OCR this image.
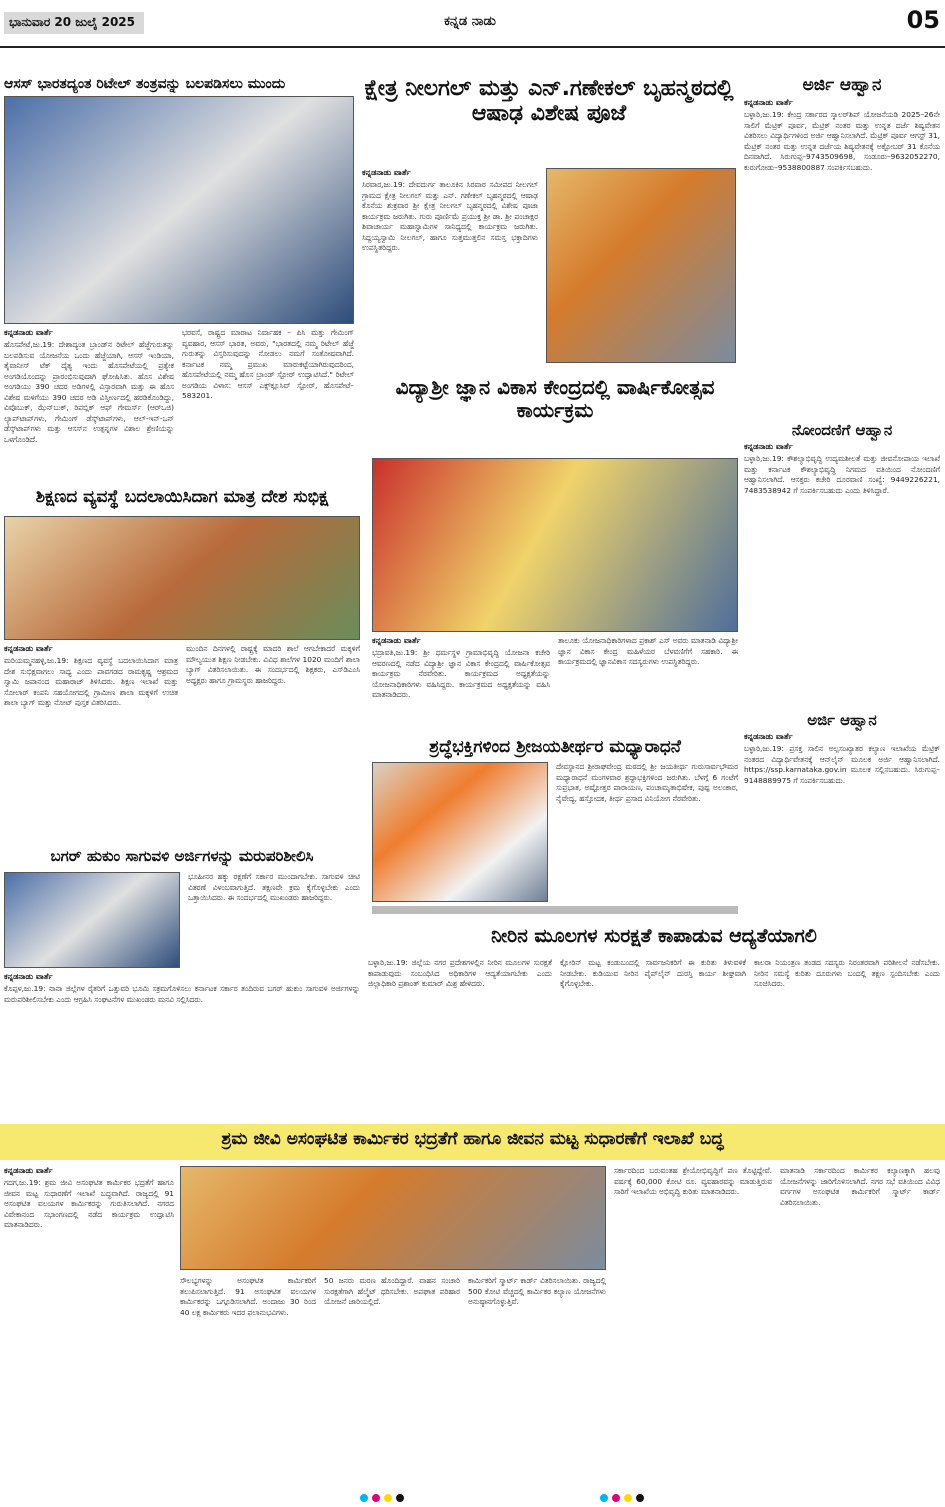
ಭಾನುವಾರ 20 ಜುಲೈ 2025	ಕನ್ನಡ ನಾಡು	05
ಆಸಸ್ ಭಾರತದ್ಯಂತ ರಿಟೇಲ್ ತಂತ್ರವನ್ನು ಬಲಪಡಿಸಲು ಮುಂದು
ಕನ್ನಡನಾಡು ವಾರ್ತೆ
ಹೊಸಪೇಟೆ,ಜು.19: ದೇಶಾದ್ಯಂತ ಬ್ರಾಂಡ್‌ನ ರಿಟೇಲ್ ಹೆಜ್ಜೆಗುರುತನ್ನು ಬಲಪಡಿಸುವ ಯೋಜನೆಯ ಒಂದು ಹೆಜ್ಜೆಯಾಗಿ, ಆಸಸ್ ಇಂಡಿಯಾ, ತೈವಾನೀಸ್ ಟೆಕ್ ದೈತ್ಯ ಇಂದು ಹೊಸಪೇಟೆಯಲ್ಲಿ ಪ್ರತ್ಯೇಕ ಅಂಗಡಿಯೊಂದನ್ನು ಪ್ರಾರಂಭಿಸುವುದಾಗಿ ಘೋಷಿಸಿತು. ಹೊಸ ವಿಶೇಷ ಅಂಗಡಿಯು 390 ಚದರ ಅಡಿಗಳಲ್ಲಿ ವಿಸ್ತಾರವಾಗಿ ಮತ್ತು ಈ ಹೊಸ ವಿಶೇಷ ಮಳಿಗೆಯು 390 ಚದರ ಅಡಿ ವಿಸ್ತೀರ್ಣದಲ್ಲಿ ಹರಡಿಕೊಂಡಿದ್ದು, ವಿವೊಬುಕ್, ಝೆನ್‌ಬುಕ್, ರಿಪಬ್ಲಿಕ್ ಆಫ್ ಗೇಮರ್ಸ್ (ಆರ್‌ಒಜಿ) ಲ್ಯಾಪ್‌ಟಾಪ್‌ಗಳು, ಗೇಮಿಂಗ್ ಡೆಸ್ಕ್‌ಟಾಪ್‌ಗಳು, ಆಲ್-ಇನ್-ಒನ್ ಡೆಸ್ಕ್‌ಟಾಪ್‌ಗಳು ಮತ್ತು ಆಸಸ್‌ನ ಉತ್ಪನ್ನಗಳ ವಿಶಾಲ ಶ್ರೇಣಿಯನ್ನು ಒಳಗೊಂಡಿದೆ.
ಭರವಸೆ, ರಾಷ್ಟ್ರದ ಮಾರಾಟ ನಿರ್ವಾಹಕ – ಪಿಸಿ ಮತ್ತು ಗೇಮಿಂಗ್ ವ್ಯವಹಾರ, ಆಸಸ್ ಭಾರತ, ಅವರು, "ಭಾರತದಲ್ಲಿ ನಮ್ಮ ರಿಟೇಲ್ ಹೆಜ್ಜೆ ಗುರುತನ್ನು ವಿಸ್ತರಿಸುವುದನ್ನು ನೋಡಲು ನಮಗೆ ಸಂತೋಷವಾಗಿದೆ. ಕರ್ನಾಟಕ ನಮ್ಮ ಪ್ರಮುಖ ಮಾರುಕಟ್ಟೆಯಾಗಿರುವುದರಿಂದ, ಹೊಸಪೇಟೆಯಲ್ಲಿ ನಮ್ಮ ಹೊಸ ಬ್ರಾಂಡ್ ಸ್ಟೋರ್ ಉದ್ಘಾಟಿಸಿದೆ." ರಿಟೇಲ್ ಅಂಗಡಿಯ ವಿಳಾಸ: ಆಸಸ್ ಎಕ್ಸ್‌ಕ್ಲೂಸಿವ್ ಸ್ಟೋರ್, ಹೊಸಪೇಟೆ–583201.
ಕ್ಷೇತ್ರ ನೀಲಗಲ್ ಮತ್ತು ಎನ್.ಗಣೇಕಲ್ ಬೃಹನ್ಮಠದಲ್ಲಿ ಆಷಾಢ ವಿಶೇಷ ಪೂಜೆ
ಕನ್ನಡನಾಡು ವಾರ್ತೆ
ಸಿರವಾರ,ಜು.19: ದೇವದುರ್ಗ ತಾಲೂಕಿನ ಸಿರವಾರ ಸಮೀಪದ ನೀಲಗಲ್ ಗ್ರಾಮದ ಕ್ಷೇತ್ರ ನೀಲಗಲ್ ಮತ್ತು ಎನ್. ಗಣೇಕಲ್ ಬೃಹನ್ಮಠದಲ್ಲಿ ಆಷಾಢ ಕೊನೆಯ ಶುಕ್ರವಾರ ಶ್ರೀ ಕ್ಷೇತ್ರ ನೀಲಗಲ್ ಬೃಹನ್ಮಠದಲ್ಲಿ ವಿಶೇಷ ಪೂಜಾ ಕಾರ್ಯಕ್ರಮ ಜರುಗಿತು. ಗುರು ಪೂರ್ಣಿಮೆ ಪ್ರಯುಕ್ತ ಶ್ರೀ ಡಾ. ಶ್ರೀ ಪಂಚಾಕ್ಷರ ಶಿವಾಚಾರ್ಯ ಮಹಾಸ್ವಾಮಿಗಳ ಸಾನಿಧ್ಯದಲ್ಲಿ ಕಾರ್ಯಕ್ರಮ ಜರುಗಿತು. ಸಿದ್ದಯ್ಯಸ್ವಾಮಿ ನೀಲಗಲ್, ಹಾಗೂ ಸುತ್ತಮುತ್ತಲಿನ ಸಮಸ್ತ ಭಕ್ತಾದಿಗಳು ಉಪಸ್ಥಿತರಿದ್ದರು.
ಅರ್ಜಿ ಆಹ್ವಾನ
ಕನ್ನಡನಾಡು ವಾರ್ತೆ
ಬಳ್ಳಾರಿ,ಜು.19: ಕೇಂದ್ರ ಸರ್ಕಾರದ ಸ್ಕಾಲರ್‌ಶಿಪ್ ಯೋಜನೆಯಡಿ 2025–26ನೇ ಸಾಲಿಗೆ ಮೆಟ್ರಿಕ್ ಪೂರ್ವ, ಮೆಟ್ರಿಕ್ ನಂತರ ಮತ್ತು ಉನ್ನತ ದರ್ಜೆ ಶಿಷ್ಯವೇತನ ವಿತರಿಸಲು ವಿದ್ಯಾರ್ಥಿಗಳಿಂದ ಅರ್ಜಿ ಆಹ್ವಾನಿಸಲಾಗಿದೆ. ಮೆಟ್ರಿಕ್ ಪೂರ್ವ ಆಗಸ್ಟ್ 31, ಮೆಟ್ರಿಕ್ ನಂತರ ಮತ್ತು ಉನ್ನತ ದರ್ಜೆಯ ಶಿಷ್ಯವೇತನಕ್ಕೆ ಅಕ್ಟೋಬರ್ 31 ಕೊನೆಯ ದಿನವಾಗಿದೆ. ಸಿರುಗುಪ್ಪ–9743509698, ಸಂಡೂರು–9632052270, ಕುರುಗೋಡು–9538800887 ಸಂಪರ್ಕಿಸಬಹುದು.
ನೋಂದಣಿಗೆ ಆಹ್ವಾನ
ಕನ್ನಡನಾಡು ವಾರ್ತೆ
ಬಳ್ಳಾರಿ,ಜು.19: ಕೌಶಲ್ಯಾಭಿವೃದ್ಧಿ ಉದ್ಯಮಶೀಲತೆ ಮತ್ತು ಜೀವನೋಪಾಯ ಇಲಾಖೆ ಮತ್ತು ಕರ್ನಾಟಕ ಕೌಶಲ್ಯಾಭಿವೃದ್ಧಿ ನಿಗಮದ ವತಿಯಿಂದ ನೋಂದಣಿಗೆ ಆಹ್ವಾನಿಸಲಾಗಿದೆ. ಆಸಕ್ತರು ಕಚೇರಿ ದೂರವಾಣಿ ಸಂಖ್ಯೆ: 9449226221, 7483538942 ಗೆ ಸಂಪರ್ಕಿಸಬಹುದು ಎಂದು ತಿಳಿಸಿದ್ದಾರೆ.
ಅರ್ಜಿ ಆಹ್ವಾನ
ಕನ್ನಡನಾಡು ವಾರ್ತೆ
ಬಳ್ಳಾರಿ,ಜು.19: ಪ್ರಸಕ್ತ ಸಾಲಿನ ಅಲ್ಪಸಂಖ್ಯಾತರ ಕಲ್ಯಾಣ ಇಲಾಖೆಯ ಮೆಟ್ರಿಕ್ ನಂತರದ ವಿದ್ಯಾರ್ಥಿವೇತನಕ್ಕೆ ಆನ್‌ಲೈನ್ ಮೂಲಕ ಅರ್ಜಿ ಆಹ್ವಾನಿಸಲಾಗಿದೆ. https://ssp.karnataka.gov.in ಮೂಲಕ ಸಲ್ಲಿಸಬಹುದು. ಸಿರುಗುಪ್ಪ–9148889975 ಗೆ ಸಂಪರ್ಕಿಸಬಹುದು.
ವಿದ್ಯಾಶ್ರೀ ಜ್ಞಾನ ವಿಕಾಸ ಕೇಂದ್ರದಲ್ಲಿ ವಾರ್ಷಿಕೋತ್ಸವ ಕಾರ್ಯಕ್ರಮ
ಕನ್ನಡನಾಡು ವಾರ್ತೆ
ಭದ್ರಾವತಿ,ಜು.19: ಶ್ರೀ ಧರ್ಮಸ್ಥಳ ಗ್ರಾಮಾಭಿವೃದ್ಧಿ ಯೋಜನಾ ಕಚೇರಿ ಆವರಣದಲ್ಲಿ ನಡೆದ ವಿದ್ಯಾಶ್ರೀ ಜ್ಞಾನ ವಿಕಾಸ ಕೇಂದ್ರದಲ್ಲಿ ವಾರ್ಷಿಕೋತ್ಸವ ಕಾರ್ಯಕ್ರಮ ನೆರವೇರಿತು. ಕಾರ್ಯಕ್ರಮದ ಅಧ್ಯಕ್ಷತೆಯನ್ನು ಯೋಜನಾಧಿಕಾರಿಗಳು ವಹಿಸಿದ್ದರು. ಕಾರ್ಯಕ್ರಮದ ಅಧ್ಯಕ್ಷತೆಯನ್ನು ವಹಿಸಿ ಮಾತನಾಡಿದರು.
ತಾಲೂಕು ಯೋಜನಾಧಿಕಾರಿಗಳಾದ ಪ್ರಕಾಶ್ ಎಸ್ ಅವರು ಮಾತನಾಡಿ ವಿದ್ಯಾಶ್ರೀ ಜ್ಞಾನ ವಿಕಾಸ ಕೇಂದ್ರ ಮಹಿಳೆಯರ ಬೆಳವಣಿಗೆಗೆ ಸಹಕಾರಿ. ಈ ಕಾರ್ಯಕ್ರಮದಲ್ಲಿ ಜ್ಞಾನವಿಕಾಸ ಸದಸ್ಯರುಗಳು ಉಪಸ್ಥಿತರಿದ್ದರು.
ಶಿಕ್ಷಣದ ವ್ಯವಸ್ಥೆ ಬದಲಾಯಿಸಿದಾಗ ಮಾತ್ರ ದೇಶ ಸುಭಿಕ್ಷ
ಕನ್ನಡನಾಡು ವಾರ್ತೆ
ಮರಿಯಮ್ಮನಹಳ್ಳಿ,ಜು.19: ಶಿಕ್ಷಣದ ವ್ಯವಸ್ಥೆ ಬದಲಾಯಿಸಿದಾಗ ಮಾತ್ರ ದೇಶ ಸುಭಿಕ್ಷವಾಗಲು ಸಾಧ್ಯ ಎಂದು ಪಾವಗಡದ ರಾಮಕೃಷ್ಣ ಆಶ್ರಮದ ಸ್ವಾಮಿ ಜಪಾನಂದ ಮಹಾರಾಜ್ ತಿಳಿಸಿದರು. ಶಿಕ್ಷಣ ಇಲಾಖೆ ಮತ್ತು ಸೋಲಾರ್ ಕಂಪನಿ ಸಹಯೋಗದಲ್ಲಿ ಗ್ರಾಮೀಣ ಶಾಲಾ ಮಕ್ಕಳಿಗೆ ಉಚಿತ ಶಾಲಾ ಬ್ಯಾಗ್ ಮತ್ತು ನೋಟ್ ಪುಸ್ತಕ ವಿತರಿಸಿದರು.
ಮುಂದಿನ ದಿನಗಳಲ್ಲಿ ರಾಷ್ಟ್ರಕ್ಕೆ ಮಾದರಿ ಶಾಲೆ ಆಗಬೇಕಾದರೆ ಮಕ್ಕಳಿಗೆ ಮೌಲ್ಯಯುತ ಶಿಕ್ಷಣ ನೀಡಬೇಕು. ವಿವಿಧ ಶಾಲೆಗಳ 1020 ಮಂದಿಗೆ ಶಾಲಾ ಬ್ಯಾಗ್ ವಿತರಿಸಲಾಯಿತು. ಈ ಸಂದರ್ಭದಲ್ಲಿ ಶಿಕ್ಷಕರು, ಎಸ್‌ಡಿಎಂಸಿ ಅಧ್ಯಕ್ಷರು ಹಾಗೂ ಗ್ರಾಮಸ್ಥರು ಹಾಜರಿದ್ದರು.
ಶ್ರದ್ಧೆಭಕ್ತಿಗಳಿಂದ ಶ್ರೀಜಯತೀರ್ಥರ ಮಧ್ಯಾರಾಧನೆ
ದೇವಸ್ಥಾನದ ಶ್ರೀರಾಘವೇಂದ್ರ ಮಠದಲ್ಲಿ ಶ್ರೀ ಜಯತೀರ್ಥ ಗುರುಸಾರ್ವಭೌಮರ ಮಧ್ಯಾರಾಧನೆ ಮಂಗಳವಾರ ಶ್ರದ್ಧಾಭಕ್ತಿಗಳಿಂದ ಜರುಗಿತು. ಬೆಳಗ್ಗೆ 6 ಗಂಟೆಗೆ ಸುಪ್ರಭಾತ, ಅಷ್ಟೋತ್ತರ ಪಾರಾಯಣ, ಪಂಚಾಮೃತಾಭಿಷೇಕ, ಪುಷ್ಪ ಅಲಂಕಾರ, ನೈವೇದ್ಯ, ಹಸ್ತೋದಕ, ತೀರ್ಥ ಪ್ರಸಾದ ವಿನಿಯೋಗ ನೆರವೇರಿತು.
ಬಗರ್ ಹುಕುಂ ಸಾಗುವಳಿ ಅರ್ಜಿಗಳನ್ನು ಮರುಪರಿಶೀಲಿಸಿ
ಭೂಹೀನರ ಹಕ್ಕು ರಕ್ಷಣೆಗೆ ಸರ್ಕಾರ ಮುಂದಾಗಬೇಕು. ಸಾಗುವಳಿ ಚೀಟಿ ವಿತರಣೆ ವಿಳಂಬವಾಗುತ್ತಿದೆ. ತಕ್ಷಣವೇ ಕ್ರಮ ಕೈಗೊಳ್ಳಬೇಕು ಎಂದು ಒತ್ತಾಯಿಸಿದರು. ಈ ಸಂದರ್ಭದಲ್ಲಿ ಮುಖಂಡರು ಹಾಜರಿದ್ದರು.
ಕನ್ನಡನಾಡು ವಾರ್ತೆ
ಕೊಪ್ಪಳ,ಜು.19: ನಾನಾ ಜಿಲ್ಲೆಗಳ ರೈತರಿಗೆ ಒತ್ತುವರಿ ಭೂಮಿ ಸಕ್ರಮಗೊಳಿಸಲು ಕರ್ನಾಟಕ ಸರ್ಕಾರ ತಂದಿರುವ ಬಗರ್ ಹುಕುಂ ಸಾಗುವಳಿ ಅರ್ಜಿಗಳನ್ನು ಮರುಪರಿಶೀಲಿಸಬೇಕು ಎಂದು ಆಗ್ರಹಿಸಿ ಸಂಘಟನೆಗಳ ಮುಖಂಡರು ಮನವಿ ಸಲ್ಲಿಸಿದರು.
ನೀರಿನ ಮೂಲಗಳ ಸುರಕ್ಷತೆ ಕಾಪಾಡುವ ಆದ್ಯತೆಯಾಗಲಿ
ಬಳ್ಳಾರಿ,ಜು.19: ಜಿಲ್ಲೆಯ ನಗರ ಪ್ರದೇಶಗಳಲ್ಲಿನ ನೀರಿನ ಮೂಲಗಳ ಸುರಕ್ಷತೆ ಕಾಪಾಡುವುದು ಸಂಬಂಧಿಸಿದ ಅಧಿಕಾರಿಗಳ ಆದ್ಯತೆಯಾಗಬೇಕು ಎಂದು ಜಿಲ್ಲಾಧಿಕಾರಿ ಪ್ರಶಾಂತ್ ಕುಮಾರ್ ಮಿಶ್ರ ಹೇಳಿದರು.
ಕ್ಲೋರಿನ್ ಮಟ್ಟ ಕಂಡುಬಂದಲ್ಲಿ ಸಾರ್ವಜನಿಕರಿಗೆ ಈ ಕುರಿತು ತಿಳುವಳಿಕೆ ನೀಡಬೇಕು. ಕುಡಿಯುವ ನೀರಿನ ಪೈಪ್‌ಲೈನ್ ದುರಸ್ತಿ ಕಾರ್ಯ ಶೀಘ್ರವಾಗಿ ಕೈಗೊಳ್ಳಬೇಕು.
ಕಾಲರಾ ನಿಯಂತ್ರಣ ತಂಡದ ಸದಸ್ಯರು ನಿರಂತರವಾಗಿ ಪರಿಶೀಲನೆ ನಡೆಸಬೇಕು. ನೀರಿನ ಸಮಸ್ಯೆ ಕುರಿತು ದೂರುಗಳು ಬಂದಲ್ಲಿ ತಕ್ಷಣ ಸ್ಪಂದಿಸಬೇಕು ಎಂದು ಸೂಚಿಸಿದರು.
ಶ್ರಮ ಜೀವಿ ಅಸಂಘಟಿತ ಕಾರ್ಮಿಕರ ಭದ್ರತೆಗೆ ಹಾಗೂ ಜೀವನ ಮಟ್ಟ ಸುಧಾರಣೆಗೆ ಇಲಾಖೆ ಬದ್ಧ
ಕನ್ನಡನಾಡು ವಾರ್ತೆ
ಗದಗ,ಜು.19: ಶ್ರಮ ಜೀವಿ ಅಸಂಘಟಿತ ಕಾರ್ಮಿಕರ ಭದ್ರತೆಗೆ ಹಾಗೂ ಜೀವನ ಮಟ್ಟ ಸುಧಾರಣೆಗೆ ಇಲಾಖೆ ಬದ್ಧವಾಗಿದೆ. ರಾಜ್ಯದಲ್ಲಿ 91 ಅಸಂಘಟಿತ ವಲಯಗಳ ಕಾರ್ಮಿಕರನ್ನು ಗುರುತಿಸಲಾಗಿದೆ. ನಗರದ ವಿವೇಕಾನಂದ ಸಭಾಂಗಣದಲ್ಲಿ ನಡೆದ ಕಾರ್ಯಕ್ರಮ ಉದ್ಘಾಟಿಸಿ ಮಾತನಾಡಿದರು.
ಸೌಲಭ್ಯಗಳನ್ನು ಅಸಂಘಟಿತ ಕಾರ್ಮಿಕರಿಗೆ ತಲುಪಿಸಲಾಗುತ್ತಿದೆ. 91 ಅಸಂಘಟಿತ ವಲಯಗಳ ಕಾರ್ಮಿಕರನ್ನು ಒಗ್ಗೂಡಿಸಲಾಗಿದೆ. ಅಂದಾಜು 30 ರಿಂದ 40 ಲಕ್ಷ ಕಾರ್ಮಿಕರು ಇದರ ಫಲಾನುಭವಿಗಳು.
50 ಜನರು ಮರಣ ಹೊಂದಿದ್ದಾರೆ. ವಾಹನ ಸಂಚಾರಿ ಸುರಕ್ಷತೆಗಾಗಿ ಹೆಲ್ಮೆಟ್ ಧರಿಸಬೇಕು. ಅಪಘಾತ ಪರಿಹಾರ ಯೋಜನೆ ಜಾರಿಯಲ್ಲಿದೆ.
ಕಾರ್ಮಿಕರಿಗೆ ಸ್ಮಾರ್ಟ್ ಕಾರ್ಡ್ ವಿತರಿಸಲಾಯಿತು. ರಾಜ್ಯದಲ್ಲಿ 500 ಕೋಟಿ ವೆಚ್ಚದಲ್ಲಿ ಕಾರ್ಮಿಕರ ಕಲ್ಯಾಣ ಯೋಜನೆಗಳು ಅನುಷ್ಠಾನಗೊಳ್ಳುತ್ತಿವೆ.
ಸರ್ಕಾರದಿಂದ ಬರುವಂತಹ ಶ್ರೇಯೋಭಿವೃದ್ಧಿಗೆ ಪಣ ತೊಟ್ಟಿದ್ದೇವೆ. ವರ್ಷಕ್ಕೆ 60,000 ಕೋಟಿ ರೂ. ವ್ಯವಹಾರವನ್ನು ಮಾಡುತ್ತಿರುವ ಸಾರಿಗೆ ಇಲಾಖೆಯ ಅಭಿವೃದ್ಧಿ ಕುರಿತು ಮಾತನಾಡಿದರು.
ಮಾತನಾಡಿ ಸರ್ಕಾರದಿಂದ ಕಾರ್ಮಿಕರ ಕಲ್ಯಾಣಕ್ಕಾಗಿ ಹಲವು ಯೋಜನೆಗಳನ್ನು ಜಾರಿಗೊಳಿಸಲಾಗಿದೆ. ನಗರ ಸಭೆ ವತಿಯಿಂದ ವಿವಿಧ ವರ್ಗಗಳ ಅಸಂಘಟಿತ ಕಾರ್ಮಿಕರಿಗೆ ಸ್ಮಾರ್ಟ್ ಕಾರ್ಡ್ ವಿತರಿಸಲಾಯಿತು.
